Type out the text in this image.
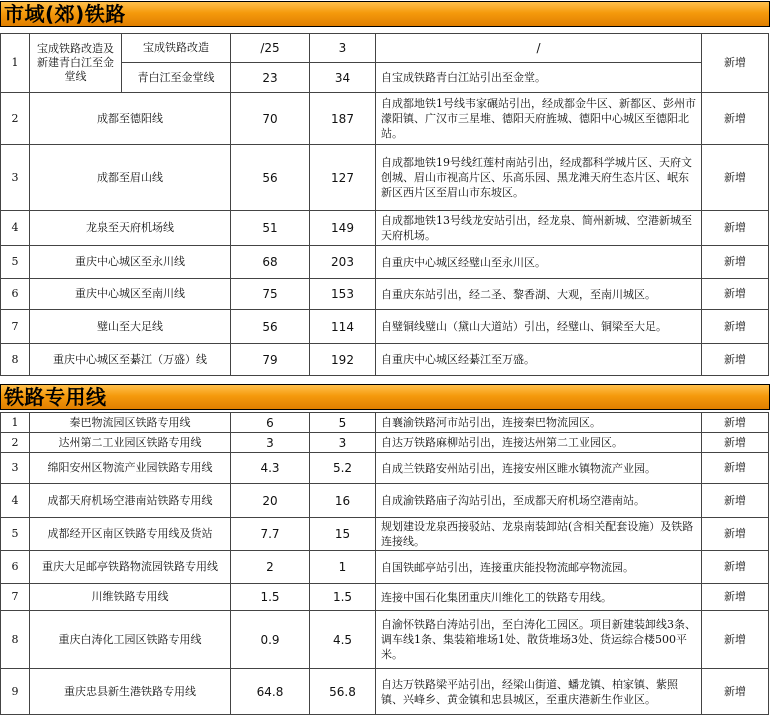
市域(郊)铁路
1	宝成铁路改造及新建青白江至金堂线	宝成铁路改造	/25	3	/	新增
		青白江至金堂线	23	34	自宝成铁路青白江站引出至金堂。	
2	成都至德阳线		70	187	自成都地铁1号线韦家碾站引出，经成都金牛区、新都区、彭州市濛阳镇、广汉市三星堆、德阳天府旌城、德阳中心城区至德阳北站。	新增
3	成都至眉山线		56	127	自成都地铁19号线红莲村南站引出，经成都科学城片区、天府文创城、眉山市视高片区、乐高乐园、黑龙滩天府生态片区、岷东新区西片区至眉山市东坡区。	新增
4	龙泉至天府机场线		51	149	自成都地铁13号线龙安站引出，经龙泉、简州新城、空港新城至天府机场。	新增
5	重庆中心城区至永川线		68	203	自重庆中心城区经璧山至永川区。	新增
6	重庆中心城区至南川线		75	153	自重庆东站引出，经二圣、黎香湖、大观，至南川城区。	新增
7	璧山至大足线		56	114	自璧铜线璧山（黛山大道站）引出，经璧山、铜梁至大足。	新增
8	重庆中心城区至綦江（万盛）线		79	192	自重庆中心城区经綦江至万盛。	新增
铁路专用线
1	秦巴物流园区铁路专用线	6	5	自襄渝铁路河市站引出，连接秦巴物流园区。	新增
2	达州第二工业园区铁路专用线	3	3	自达万铁路麻柳站引出，连接达州第二工业园区。	新增
3	绵阳安州区物流产业园铁路专用线	4.3	5.2	自成兰铁路安州站引出，连接安州区睢水镇物流产业园。	新增
4	成都天府机场空港南站铁路专用线	20	16	自成渝铁路庙子沟站引出，至成都天府机场空港南站。	新增
5	成都经开区南区铁路专用线及货站	7.7	15	规划建设龙泉西接驳站、龙泉南装卸站(含相关配套设施）及铁路连接线。	新增
6	重庆大足邮亭铁路物流园铁路专用线	2	1	自国铁邮亭站引出，连接重庆能投物流邮亭物流园。	新增
7	川维铁路专用线	1.5	1.5	连接中国石化集团重庆川维化工的铁路专用线。	新增
8	重庆白涛化工园区铁路专用线	0.9	4.5	自渝怀铁路白涛站引出，至白涛化工园区。项目新建装卸线3条、调车线1条、集装箱堆场1处、散货堆场3处、货运综合楼500平米。	新增
9	重庆忠县新生港铁路专用线	64.8	56.8	自达万铁路梁平站引出，经梁山街道、蟠龙镇、柏家镇、紫照镇、兴峰乡、黄金镇和忠县城区，至重庆港新生作业区。	新增
